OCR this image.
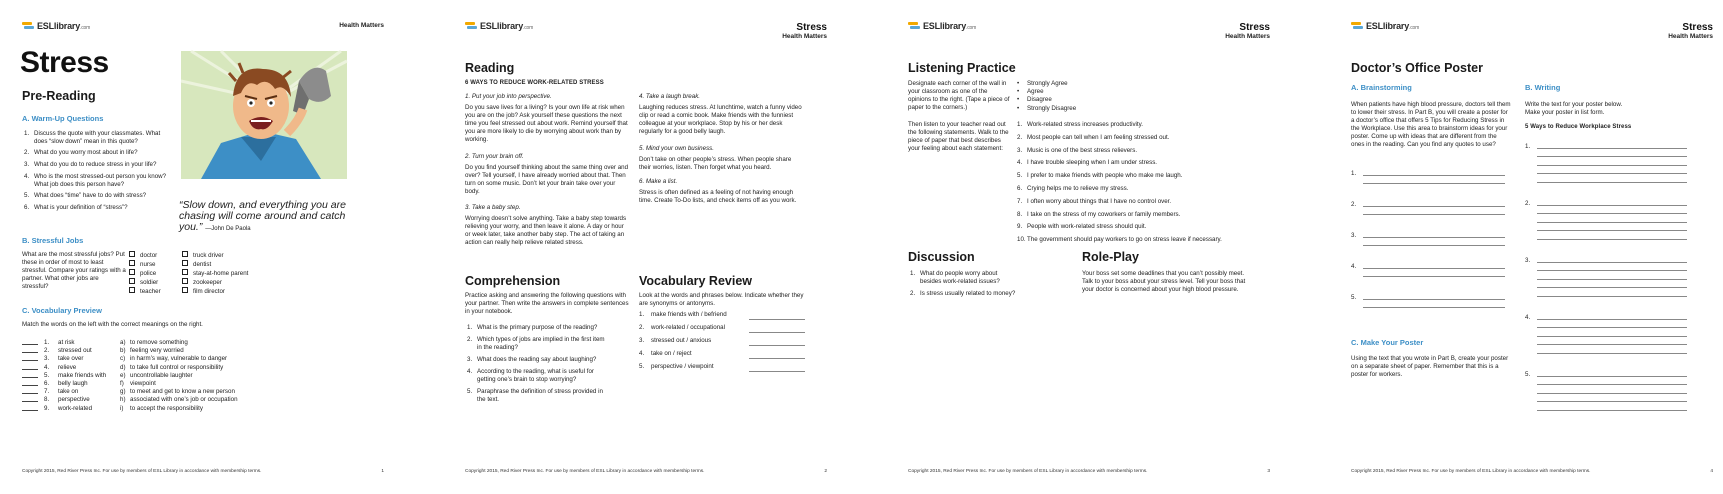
ESLlibrary.com	Health Matters
Stress
Pre-Reading
A. Warm-Up Questions
1. Discuss the quote with your classmates. What does “slow down” mean in this quote?
2. What do you worry most about in life?
3. What do you do to reduce stress in your life?
4. Who is the most stressed-out person you know? What job does this person have?
5. What does “time” have to do with stress?
6. What is your definition of “stress”?	“Slow down, and everything you are chasing will come around and catch you.” —John De Paola
B. Stressful Jobs
What are the most stressful jobs? Put these in order of most to least stressful. Compare your ratings with a partner. What other jobs are stressful?
doctor
nurse
police
soldier
teacher
truck driver
dentist
stay-at-home parent
zookeeper
film director
C. Vocabulary Preview
Match the words on the left with the correct meanings on the right.
1.	at risk	a) to remove something
2.	stressed out	b) feeling very worried
3.	take over	c) in harm’s way, vulnerable to danger
4.	relieve	d) to take full control or responsibility
5.	make friends with	e) uncontrollable laughter
6.	belly laugh	f)	viewpoint
7.	take on	g) to meet and get to know a new person
8.	perspective	h) associated with one’s job or occupation
9.	work-related	i)	to accept the responsibility
Copyright 2015, Red River Press Inc. For use by members of ESL Library in accordance with membership terms.	1
ESLlibrary.com	Stress
Health Matters
Reading
6 WAYS TO REDUCE WORK-RELATED STRESS
1. Put your job into perspective.
Do you save lives for a living? Is your own life at risk when you are on the job? Ask yourself these questions the next time you feel stressed out about work. Remind yourself that you are more likely to die by worrying about work than by working.
2. Turn your brain off.
Do you find yourself thinking about the same thing over and over? Tell yourself, I have already worried about that. Then turn on some music. Don’t let your brain take over your body.
3. Take a baby step.
Worrying doesn’t solve anything. Take a baby step towards relieving your worry, and then leave it alone. A day or hour or week later, take another baby step. The act of taking an action can really help relieve related stress.
4. Take a laugh break.
Laughing reduces stress. At lunchtime, watch a funny video clip or read a comic book. Make friends with the funniest colleague at your workplace. Stop by his or her desk regularly for a good belly laugh.
5. Mind your own business.
Don’t take on other people’s stress. When people share their worries, listen. Then forget what you heard.
6. Make a list.
Stress is often defined as a feeling of not having enough time. Create To-Do lists, and check items off as you work.
Comprehension
Practice asking and answering the following questions with your partner. Then write the answers in complete sentences in your notebook.
1. What is the primary purpose of the reading?
2. Which types of jobs are implied in the first item in the reading?
3. What does the reading say about laughing?
4. According to the reading, what is useful for getting one’s brain to stop worrying?
5. Paraphrase the definition of stress provided in the text.
Vocabulary Review
Look at the words and phrases below. Indicate whether they are synonyms or antonyms.
1.	make friends with / befriend
2.	work-related / occupational
3.	stressed out / anxious
4.	take on / reject
5.	perspective / viewpoint
Copyright 2015, Red River Press Inc. For use by members of ESL Library in accordance with membership terms.	2
ESLlibrary.com	Stress
Health Matters
Listening Practice
Designate each corner of the wall in your classroom as one of the opinions to the right. (Tape a piece of paper to the corners.)
Then listen to your teacher read out the following statements. Walk to the piece of paper that best describes your feeling about each statement:
• Strongly Agree
• Agree
• Disagree
• Strongly Disagree
1. Work-related stress increases productivity.
2. Most people can tell when I am feeling stressed out.
3. Music is one of the best stress relievers.
4. I have trouble sleeping when I am under stress.
5. I prefer to make friends with people who make me laugh.
6. Crying helps me to relieve my stress.
7. I often worry about things that I have no control over.
8. I take on the stress of my coworkers or family members.
9. People with work-related stress should quit.
10. The government should pay workers to go on stress leave if necessary.
Discussion
1. What do people worry about besides work-related issues?
2. Is stress usually related to money?
Role-Play
Your boss set some deadlines that you can’t possibly meet. Talk to your boss about your stress level. Tell your boss that your doctor is concerned about your high blood pressure.
Copyright 2015, Red River Press Inc. For use by members of ESL Library in accordance with membership terms.	3
ESLlibrary.com	Stress
Health Matters
Doctor’s Office Poster
A. Brainstorming
When patients have high blood pressure, doctors tell them to lower their stress. In Part B, you will create a poster for a doctor’s office that offers 5 Tips for Reducing Stress in the Workplace. Use this area to brainstorm ideas for your poster. Come up with ideas that are different from the ones in the reading. Can you find any quotes to use?
1.
2.
3.
4.
5.
C. Make Your Poster
Using the text that you wrote in Part B, create your poster on a separate sheet of paper. Remember that this is a poster for workers.
B. Writing
Write the text for your poster below. Make your poster in list form.
5 Ways to Reduce Workplace Stress
1.
2.
3.
4.
5.
Copyright 2015, Red River Press Inc. For use by members of ESL Library in accordance with membership terms.	4
